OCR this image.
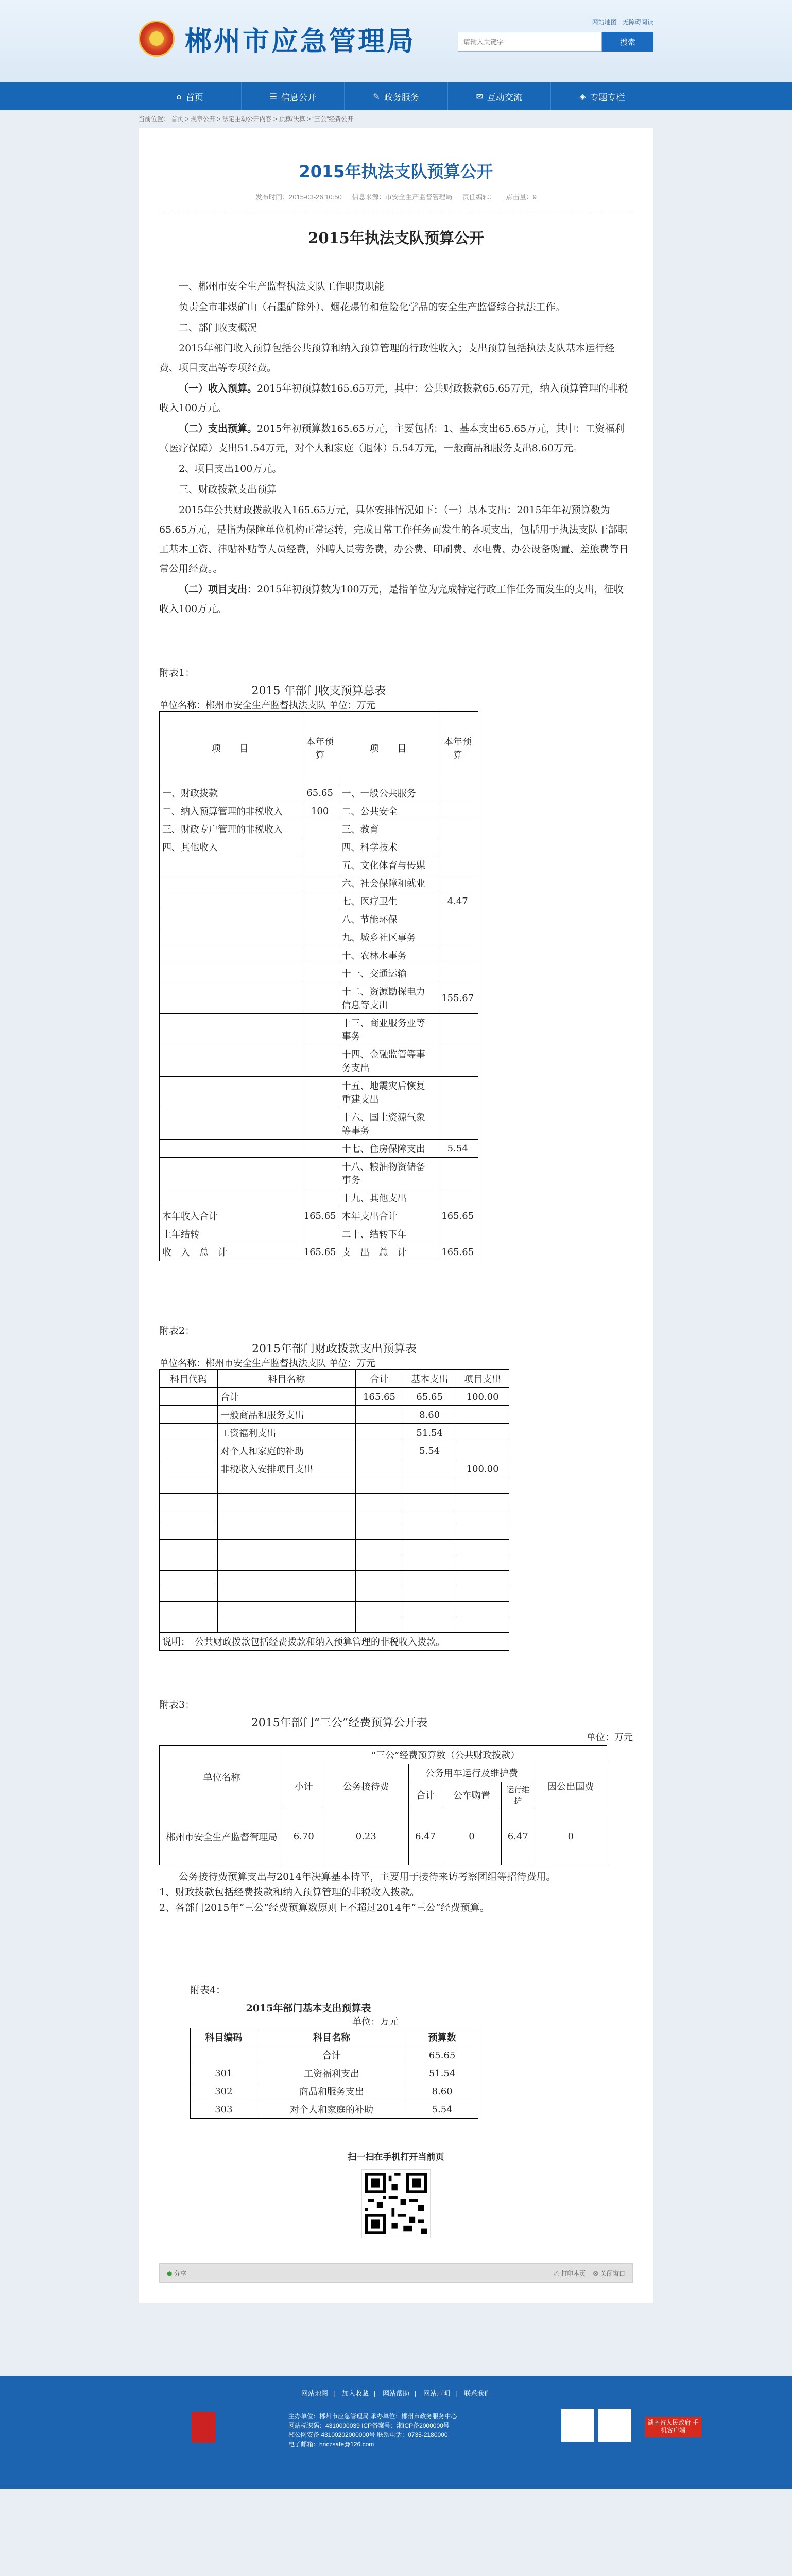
郴州市应急管理局
网站地图 无障碍阅读
请输入关键字
搜索
⌂ 首页	☰ 信息公开	✎ 政务服务	✉ 互动交流	◈ 专题专栏
当前位置： 首页 > 规章公开 > 法定主动公开内容 > 预算/决算 > “三公”经费公开
2015年执法支队预算公开
发布时间：2015-03-26 10:50 信息来源：市安全生产监督管理局 责任编辑： 点击量：9
2015年执法支队预算公开

一、郴州市安全生产监督执法支队工作职责职能

负责全市非煤矿山（石墨矿除外）、烟花爆竹和危险化学品的安全生产监督综合执法工作。

二、部门收支概况

2015年部门收入预算包括公共预算和纳入预算管理的行政性收入；支出预算包括执法支队基本运行经费、项目支出等专项经费。

（一）收入预算。2015年初预算数165.65万元，其中：公共财政拨款65.65万元，纳入预算管理的非税收入100万元。

（二）支出预算。2015年初预算数165.65万元，主要包括：1、基本支出65.65万元，其中：工资福利（医疗保障）支出51.54万元，对个人和家庭（退休）5.54万元，一般商品和服务支出8.60万元。

2、项目支出100万元。

三、财政拨款支出预算

2015年公共财政拨款收入165.65万元，具体安排情况如下：（一）基本支出：2015年年初预算数为65.65万元，是指为保障单位机构正常运转，完成日常工作任务而发生的各项支出，包括用于执法支队干部职工基本工资、津贴补贴等人员经费，外聘人员劳务费，办公费、印刷费、水电费、办公设备购置、差旅费等日常公用经费。。

（二）项目支出：2015年初预算数为100万元，是指单位为完成特定行政工作任务而发生的支出，征收收入100万元。

附表1：
2015 年部门收支预算总表
单位名称：郴州市安全生产监督执法支队 单位：万元
项　　目	本年预算	项　　目	本年预算
一、财政拨款	65.65	一、一般公共服务	
二、纳入预算管理的非税收入	100	二、公共安全	
三、财政专户管理的非税收入		三、教育	
四、其他收入		四、科学技术	
		五、文化体育与传媒	
		六、社会保障和就业	
		七、医疗卫生	4.47
		八、节能环保	
		九、城乡社区事务	
		十、农林水事务	
		十一、交通运输	
		十二、资源勘探电力信息等支出	155.67
		十三、商业服务业等事务	
		十四、金融监管等事务支出	
		十五、地震灾后恢复重建支出	
		十六、国土资源气象等事务	
		十七、住房保障支出	5.54
		十八、粮油物资储备事务	
		十九、其他支出	
本年收入合计	165.65	本年支出合计	165.65
上年结转		二十、结转下年	
收　入　总　计	165.65	支　出　总　计	165.65
附表2：
2015年部门财政拨款支出预算表
单位名称：郴州市安全生产监督执法支队 单位：万元
科目代码	科目名称	合计	基本支出	项目支出
	合计	165.65	65.65	100.00
	一般商品和服务支出		8.60	
	工资福利支出		51.54	
	对个人和家庭的补助		5.54	
	非税收入安排项目支出			100.00

说明：　公共财政拨款包括经费拨款和纳入预算管理的非税收入拨款。				
附表3：
2015年部门“三公”经费预算公开表
单位：万元
单位名称	“三公”经费预算数（公共财政拨款）					
	小计	公务接待费	公务用车运行及维护费			因公出国费
			合计	公车购置	运行维护	
郴州市安全生产监督管理局	6.70	0.23	6.47	0	6.47	0
公务接待费预算支出与2014年决算基本持平，主要用于接待来访考察团组等招待费用。
1、财政拨款包括经费拨款和纳入预算管理的非税收入拨款。
2、各部门2015年“三公”经费预算数原则上不超过2014年“三公”经费预算。
附表4：
2015年部门基本支出预算表
单位：万元
科目编码	科目名称	预算数
	合计	65.65
301	工资福利支出	51.54
302	商品和服务支出	8.60
303	对个人和家庭的补助	5.54
扫一扫在手机打开当前页
⬢ 分享	⎙ 打印本页 ⊗ 关闭窗口
网站地图 | 加入收藏 | 网站帮助 | 网站声明 | 联系我们
主办单位：郴州市应急管理局 承办单位：郴州市政务服务中心
网站标识码：4310000039 ICP备案号：湘ICP备2000000号
湘公网安备 43100202000000号 联系电话：0735-2180000
电子邮箱：hnczsafe@126.com
湖南省人民政府 手机客户端
